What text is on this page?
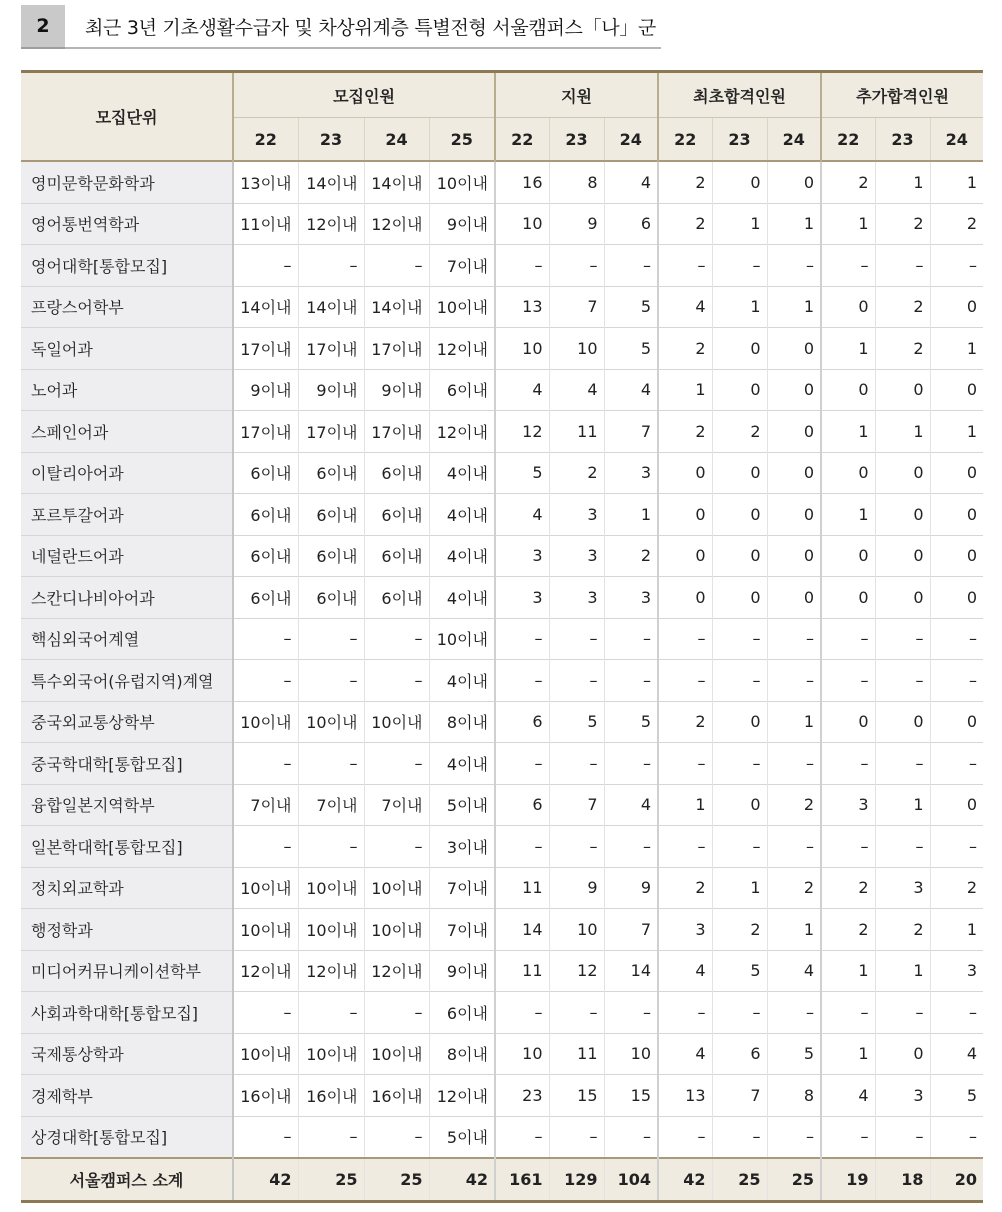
2	최근 3년 기초생활수급자 및 차상위계층 특별전형 서울캠퍼스「나」군
모집단위	모집인원				지원			최초합격인원			추가합격인원		
	22	23	24	25	22	23	24	22	23	24	22	23	24
영미문학문화학과	13이내	14이내	14이내	10이내	16	8	4	2	0	0	2	1	1
영어통번역학과	11이내	12이내	12이내	9이내	10	9	6	2	1	1	1	2	2
영어대학[통합모집]	–	–	–	7이내	–	–	–	–	–	–	–	–	–
프랑스어학부	14이내	14이내	14이내	10이내	13	7	5	4	1	1	0	2	0
독일어과	17이내	17이내	17이내	12이내	10	10	5	2	0	0	1	2	1
노어과	9이내	9이내	9이내	6이내	4	4	4	1	0	0	0	0	0
스페인어과	17이내	17이내	17이내	12이내	12	11	7	2	2	0	1	1	1
이탈리아어과	6이내	6이내	6이내	4이내	5	2	3	0	0	0	0	0	0
포르투갈어과	6이내	6이내	6이내	4이내	4	3	1	0	0	0	1	0	0
네덜란드어과	6이내	6이내	6이내	4이내	3	3	2	0	0	0	0	0	0
스칸디나비아어과	6이내	6이내	6이내	4이내	3	3	3	0	0	0	0	0	0
핵심외국어계열	–	–	–	10이내	–	–	–	–	–	–	–	–	–
특수외국어(유럽지역)계열	–	–	–	4이내	–	–	–	–	–	–	–	–	–
중국외교통상학부	10이내	10이내	10이내	8이내	6	5	5	2	0	1	0	0	0
중국학대학[통합모집]	–	–	–	4이내	–	–	–	–	–	–	–	–	–
융합일본지역학부	7이내	7이내	7이내	5이내	6	7	4	1	0	2	3	1	0
일본학대학[통합모집]	–	–	–	3이내	–	–	–	–	–	–	–	–	–
정치외교학과	10이내	10이내	10이내	7이내	11	9	9	2	1	2	2	3	2
행정학과	10이내	10이내	10이내	7이내	14	10	7	3	2	1	2	2	1
미디어커뮤니케이션학부	12이내	12이내	12이내	9이내	11	12	14	4	5	4	1	1	3
사회과학대학[통합모집]	–	–	–	6이내	–	–	–	–	–	–	–	–	–
국제통상학과	10이내	10이내	10이내	8이내	10	11	10	4	6	5	1	0	4
경제학부	16이내	16이내	16이내	12이내	23	15	15	13	7	8	4	3	5
상경대학[통합모집]	–	–	–	5이내	–	–	–	–	–	–	–	–	–
서울캠퍼스 소계	42	25	25	42	161	129	104	42	25	25	19	18	20
